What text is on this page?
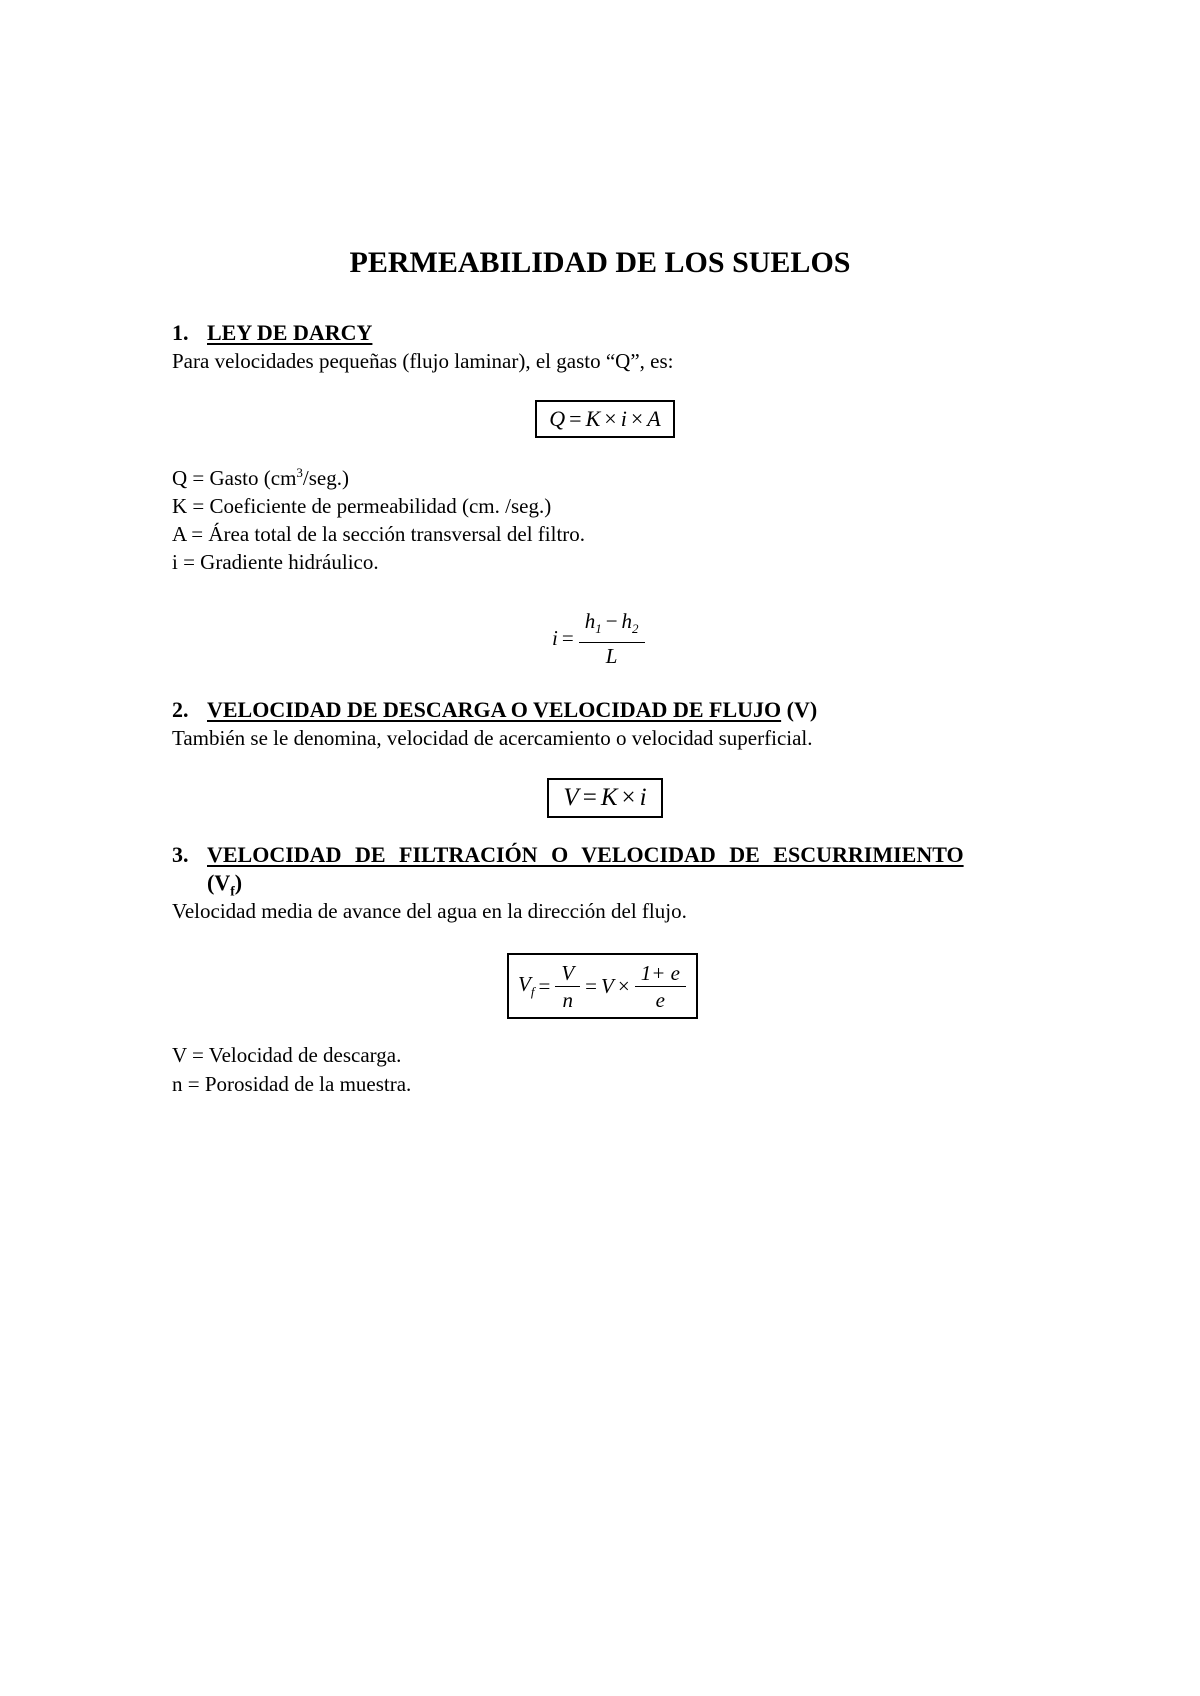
PERMEABILIDAD DE LOS SUELOS
1. LEY DE DARCY
Para velocidades pequeñas (flujo laminar), el gasto “Q”, es:
Q = K × i × A
Q = Gasto $(cm^3/seg.)$
K = Coeficiente de permeabilidad (cm. /seg.)
A = Área total de la sección transversal del filtro.
i = Gradiente hidráulico.
$i = \frac{h_1 - h_2}{L}$
2. VELOCIDAD DE DESCARGA O VELOCIDAD DE FLUJO (V)
También se le denomina, velocidad de acercamiento o velocidad superficial.
V = K × i
3. VELOCIDAD DE FILTRACIÓN O VELOCIDAD DE ESCURRIMIENTO
$(V_f)$
Velocidad media de avance del agua en la dirección del flujo.
$V_f = \frac{V}{n} = V \times \frac{1+ e}{e}$
V = Velocidad de descarga.
n = Porosidad de la muestra.
